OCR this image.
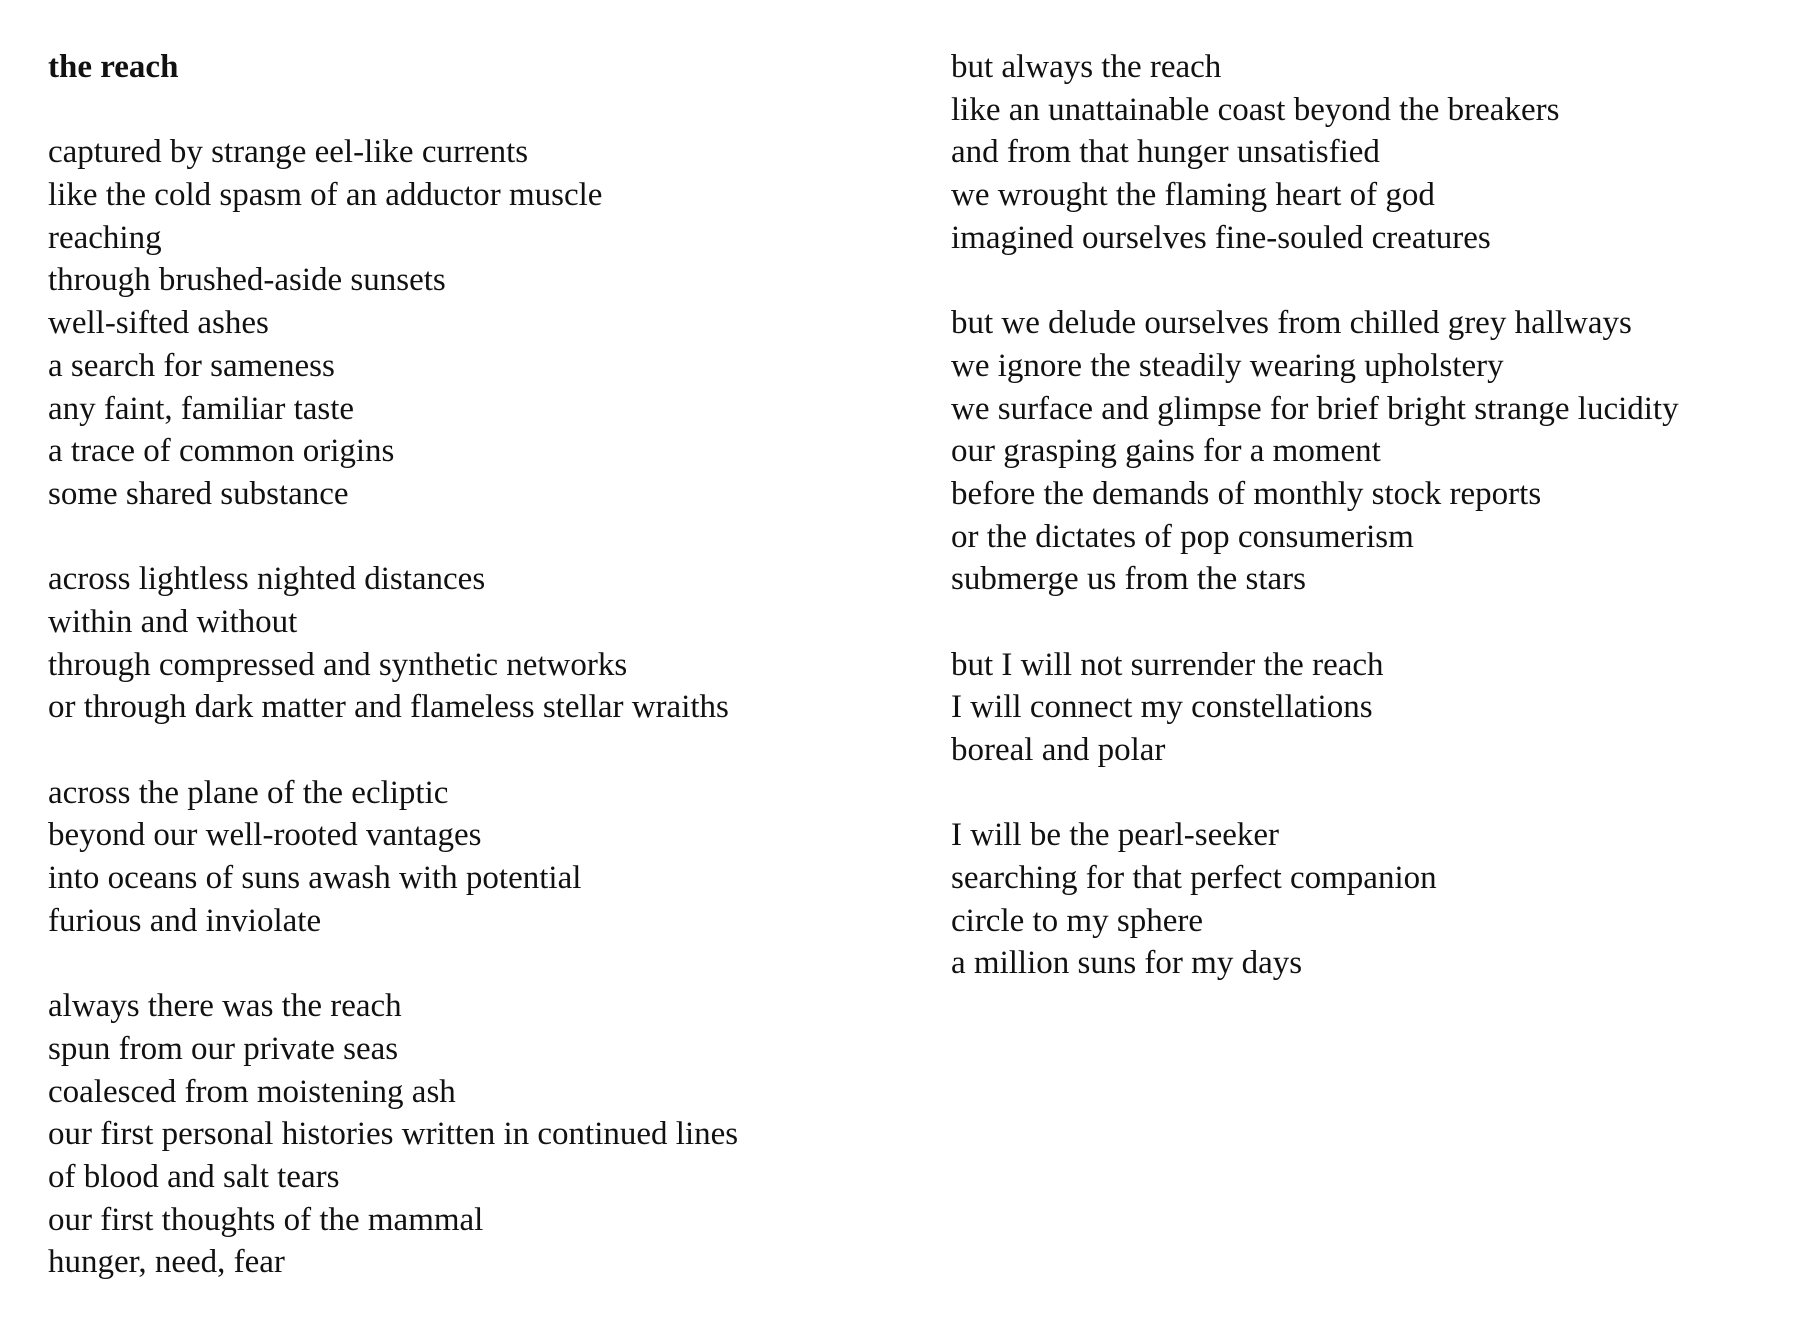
the reach
captured by strange eel-like currents
like the cold spasm of an adductor muscle
reaching
through brushed-aside sunsets
well-sifted ashes
a search for sameness
any faint, familiar taste
a trace of common origins
some shared substance
across lightless nighted distances
within and without
through compressed and synthetic networks
or through dark matter and flameless stellar wraiths
across the plane of the ecliptic
beyond our well-rooted vantages
into oceans of suns awash with potential
furious and inviolate
always there was the reach
spun from our private seas
coalesced from moistening ash
our first personal histories written in continued lines
of blood and salt tears
our first thoughts of the mammal
hunger, need, fear
but always the reach
like an unattainable coast beyond the breakers
and from that hunger unsatisfied
we wrought the flaming heart of god
imagined ourselves fine-souled creatures
but we delude ourselves from chilled grey hallways
we ignore the steadily wearing upholstery
we surface and glimpse for brief bright strange lucidity
our grasping gains for a moment
before the demands of monthly stock reports
or the dictates of pop consumerism
submerge us from the stars
but I will not surrender the reach
I will connect my constellations
boreal and polar
I will be the pearl-seeker
searching for that perfect companion
circle to my sphere
a million suns for my days
